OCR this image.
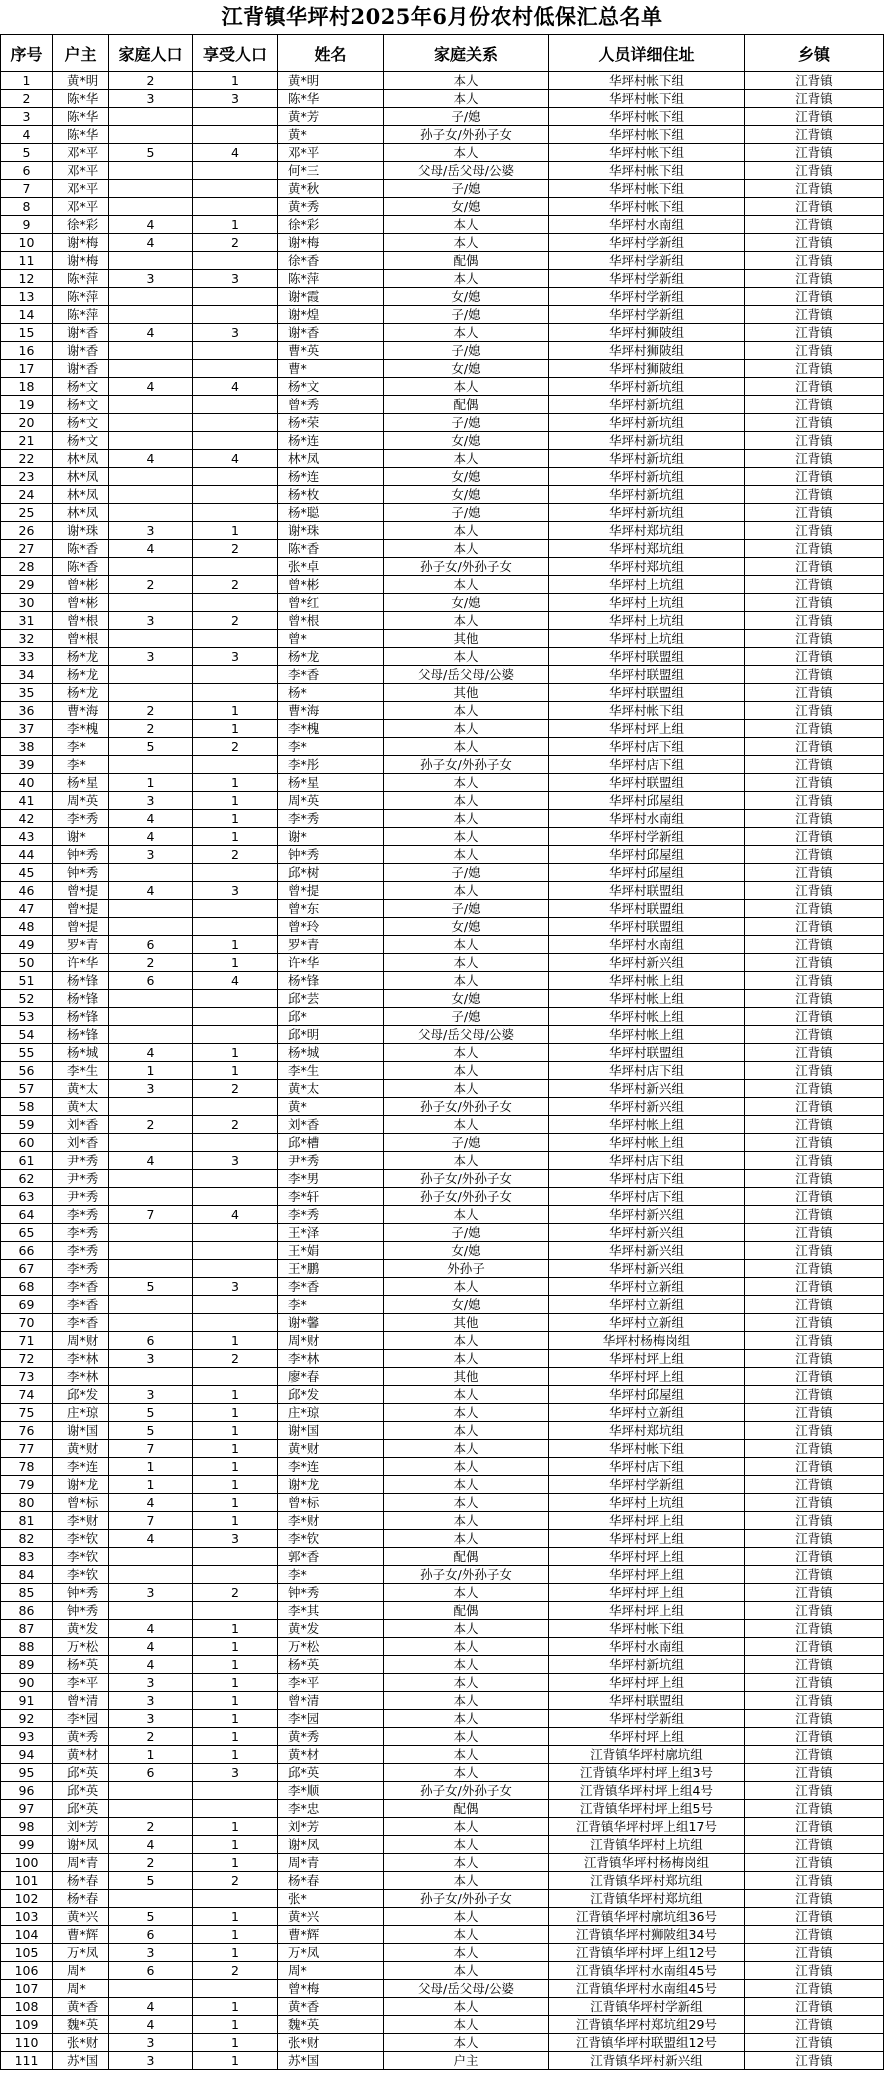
江背镇华坪村2025年6月份农村低保汇总名单
序号	户主	家庭人口	享受人口	姓名	家庭关系	人员详细住址	乡镇
1	黄*明	2	1	黄*明	本人	华坪村帐下组	江背镇
2	陈*华	3	3	陈*华	本人	华坪村帐下组	江背镇
3	陈*华			黄*芳	子/媳	华坪村帐下组	江背镇
4	陈*华			黄*	孙子女/外孙子女	华坪村帐下组	江背镇
5	邓*平	5	4	邓*平	本人	华坪村帐下组	江背镇
6	邓*平			何*三	父母/岳父母/公婆	华坪村帐下组	江背镇
7	邓*平			黄*秋	子/媳	华坪村帐下组	江背镇
8	邓*平			黄*秀	女/媳	华坪村帐下组	江背镇
9	徐*彩	4	1	徐*彩	本人	华坪村水南组	江背镇
10	谢*梅	4	2	谢*梅	本人	华坪村学新组	江背镇
11	谢*梅			徐*香	配偶	华坪村学新组	江背镇
12	陈*萍	3	3	陈*萍	本人	华坪村学新组	江背镇
13	陈*萍			谢*霞	女/媳	华坪村学新组	江背镇
14	陈*萍			谢*煌	子/媳	华坪村学新组	江背镇
15	谢*香	4	3	谢*香	本人	华坪村狮陂组	江背镇
16	谢*香			曹*英	子/媳	华坪村狮陂组	江背镇
17	谢*香			曹*	女/媳	华坪村狮陂组	江背镇
18	杨*文	4	4	杨*文	本人	华坪村新坑组	江背镇
19	杨*文			曾*秀	配偶	华坪村新坑组	江背镇
20	杨*文			杨*荣	子/媳	华坪村新坑组	江背镇
21	杨*文			杨*连	女/媳	华坪村新坑组	江背镇
22	林*凤	4	4	林*凤	本人	华坪村新坑组	江背镇
23	林*凤			杨*连	女/媳	华坪村新坑组	江背镇
24	林*凤			杨*枚	女/媳	华坪村新坑组	江背镇
25	林*凤			杨*聪	子/媳	华坪村新坑组	江背镇
26	谢*珠	3	1	谢*珠	本人	华坪村郑坑组	江背镇
27	陈*香	4	2	陈*香	本人	华坪村郑坑组	江背镇
28	陈*香			张*卓	孙子女/外孙子女	华坪村郑坑组	江背镇
29	曾*彬	2	2	曾*彬	本人	华坪村上坑组	江背镇
30	曾*彬			曾*红	女/媳	华坪村上坑组	江背镇
31	曾*根	3	2	曾*根	本人	华坪村上坑组	江背镇
32	曾*根			曾*	其他	华坪村上坑组	江背镇
33	杨*龙	3	3	杨*龙	本人	华坪村联盟组	江背镇
34	杨*龙			李*香	父母/岳父母/公婆	华坪村联盟组	江背镇
35	杨*龙			杨*	其他	华坪村联盟组	江背镇
36	曹*海	2	1	曹*海	本人	华坪村帐下组	江背镇
37	李*槐	2	1	李*槐	本人	华坪村坪上组	江背镇
38	李*	5	2	李*	本人	华坪村店下组	江背镇
39	李*			李*彤	孙子女/外孙子女	华坪村店下组	江背镇
40	杨*星	1	1	杨*星	本人	华坪村联盟组	江背镇
41	周*英	3	1	周*英	本人	华坪村邱屋组	江背镇
42	李*秀	4	1	李*秀	本人	华坪村水南组	江背镇
43	谢*	4	1	谢*	本人	华坪村学新组	江背镇
44	钟*秀	3	2	钟*秀	本人	华坪村邱屋组	江背镇
45	钟*秀			邱*树	子/媳	华坪村邱屋组	江背镇
46	曾*提	4	3	曾*提	本人	华坪村联盟组	江背镇
47	曾*提			曾*东	子/媳	华坪村联盟组	江背镇
48	曾*提			曾*玲	女/媳	华坪村联盟组	江背镇
49	罗*青	6	1	罗*青	本人	华坪村水南组	江背镇
50	许*华	2	1	许*华	本人	华坪村新兴组	江背镇
51	杨*锋	6	4	杨*锋	本人	华坪村帐上组	江背镇
52	杨*锋			邱*芸	女/媳	华坪村帐上组	江背镇
53	杨*锋			邱*	子/媳	华坪村帐上组	江背镇
54	杨*锋			邱*明	父母/岳父母/公婆	华坪村帐上组	江背镇
55	杨*城	4	1	杨*城	本人	华坪村联盟组	江背镇
56	李*生	1	1	李*生	本人	华坪村店下组	江背镇
57	黄*太	3	2	黄*太	本人	华坪村新兴组	江背镇
58	黄*太			黄*	孙子女/外孙子女	华坪村新兴组	江背镇
59	刘*香	2	2	刘*香	本人	华坪村帐上组	江背镇
60	刘*香			邱*槽	子/媳	华坪村帐上组	江背镇
61	尹*秀	4	3	尹*秀	本人	华坪村店下组	江背镇
62	尹*秀			李*男	孙子女/外孙子女	华坪村店下组	江背镇
63	尹*秀			李*轩	孙子女/外孙子女	华坪村店下组	江背镇
64	李*秀	7	4	李*秀	本人	华坪村新兴组	江背镇
65	李*秀			王*泽	子/媳	华坪村新兴组	江背镇
66	李*秀			王*娟	女/媳	华坪村新兴组	江背镇
67	李*秀			王*鹏	外孙子	华坪村新兴组	江背镇
68	李*香	5	3	李*香	本人	华坪村立新组	江背镇
69	李*香			李*	女/媳	华坪村立新组	江背镇
70	李*香			谢*馨	其他	华坪村立新组	江背镇
71	周*财	6	1	周*财	本人	华坪村杨梅岗组	江背镇
72	李*林	3	2	李*林	本人	华坪村坪上组	江背镇
73	李*林			廖*春	其他	华坪村坪上组	江背镇
74	邱*发	3	1	邱*发	本人	华坪村邱屋组	江背镇
75	庄*琼	5	1	庄*琼	本人	华坪村立新组	江背镇
76	谢*国	5	1	谢*国	本人	华坪村郑坑组	江背镇
77	黄*财	7	1	黄*财	本人	华坪村帐下组	江背镇
78	李*连	1	1	李*连	本人	华坪村店下组	江背镇
79	谢*龙	1	1	谢*龙	本人	华坪村学新组	江背镇
80	曾*标	4	1	曾*标	本人	华坪村上坑组	江背镇
81	李*财	7	1	李*财	本人	华坪村坪上组	江背镇
82	李*钦	4	3	李*钦	本人	华坪村坪上组	江背镇
83	李*钦			郭*香	配偶	华坪村坪上组	江背镇
84	李*钦			李*	孙子女/外孙子女	华坪村坪上组	江背镇
85	钟*秀	3	2	钟*秀	本人	华坪村坪上组	江背镇
86	钟*秀			李*其	配偶	华坪村坪上组	江背镇
87	黄*发	4	1	黄*发	本人	华坪村帐下组	江背镇
88	万*松	4	1	万*松	本人	华坪村水南组	江背镇
89	杨*英	4	1	杨*英	本人	华坪村新坑组	江背镇
90	李*平	3	1	李*平	本人	华坪村坪上组	江背镇
91	曾*清	3	1	曾*清	本人	华坪村联盟组	江背镇
92	李*园	3	1	李*园	本人	华坪村学新组	江背镇
93	黄*秀	2	1	黄*秀	本人	华坪村坪上组	江背镇
94	黄*材	1	1	黄*材	本人	江背镇华坪村廓坑组	江背镇
95	邱*英	6	3	邱*英	本人	江背镇华坪村坪上组3号	江背镇
96	邱*英			李*顺	孙子女/外孙子女	江背镇华坪村坪上组4号	江背镇
97	邱*英			李*忠	配偶	江背镇华坪村坪上组5号	江背镇
98	刘*芳	2	1	刘*芳	本人	江背镇华坪村坪上组17号	江背镇
99	谢*凤	4	1	谢*凤	本人	江背镇华坪村上坑组	江背镇
100	周*青	2	1	周*青	本人	江背镇华坪村杨梅岗组	江背镇
101	杨*春	5	2	杨*春	本人	江背镇华坪村郑坑组	江背镇
102	杨*春			张*	孙子女/外孙子女	江背镇华坪村郑坑组	江背镇
103	黄*兴	5	1	黄*兴	本人	江背镇华坪村廓坑组36号	江背镇
104	曹*辉	6	1	曹*辉	本人	江背镇华坪村狮陂组34号	江背镇
105	万*凤	3	1	万*凤	本人	江背镇华坪村坪上组12号	江背镇
106	周*	6	2	周*	本人	江背镇华坪村水南组45号	江背镇
107	周*			曾*梅	父母/岳父母/公婆	江背镇华坪村水南组45号	江背镇
108	黄*香	4	1	黄*香	本人	江背镇华坪村学新组	江背镇
109	魏*英	4	1	魏*英	本人	江背镇华坪村郑坑组29号	江背镇
110	张*财	3	1	张*财	本人	江背镇华坪村联盟组12号	江背镇
111	苏*国	3	1	苏*国	户主	江背镇华坪村新兴组	江背镇
